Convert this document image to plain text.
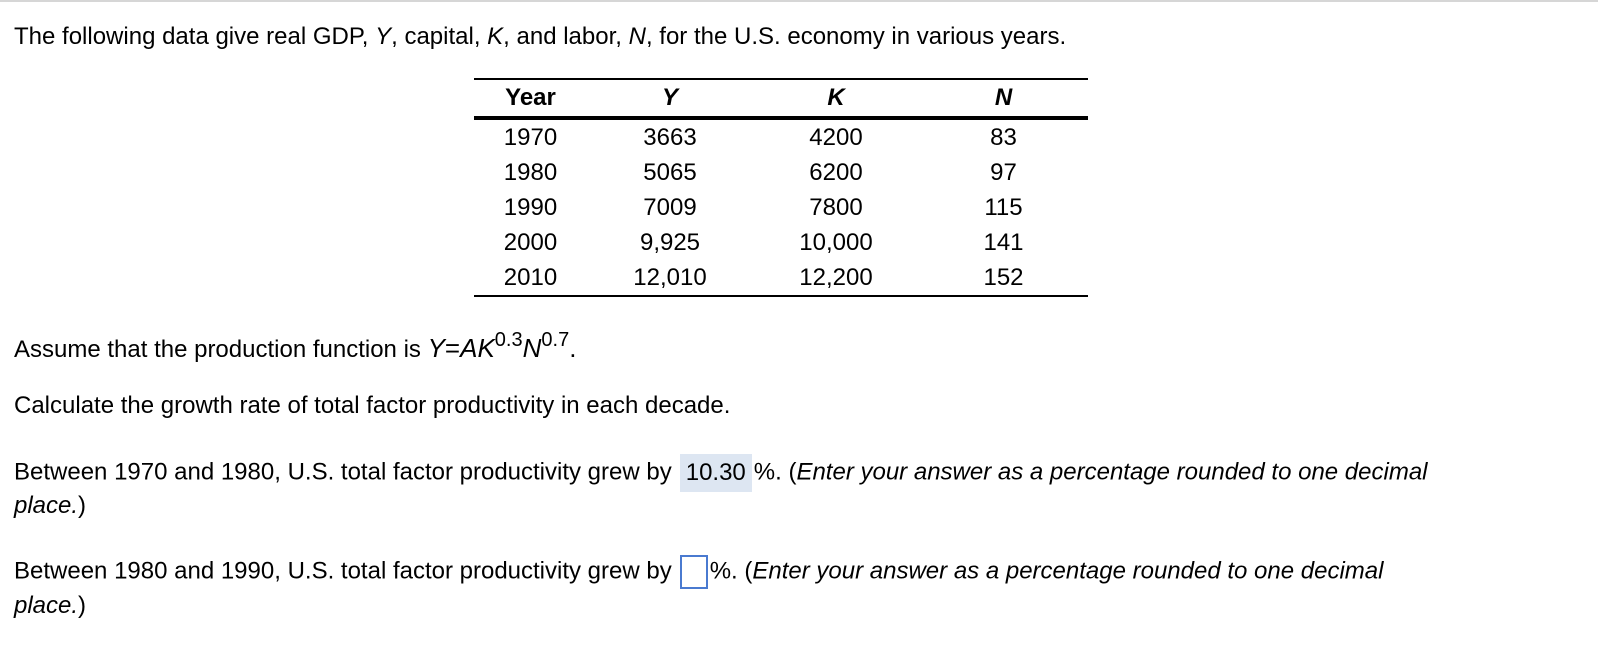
The following data give real GDP, Y, capital, K, and labor, N, for the U.S. economy in various years.
Year	Y	K	N
1970	3663	4200	83
1980	5065	6200	97
1990	7009	7800	115
2000	9,925	10,000	141
2010	12,010	12,200	152
Assume that the production function is $Y=AK^{0.3}N^{0.7}$.
Calculate the growth rate of total factor productivity in each decade.
Between 1970 and 1980, U.S. total factor productivity grew by 10.30 %. (Enter your answer as a percentage rounded to one decimal
place.)
Between 1980 and 1990, U.S. total factor productivity grew by %. (Enter your answer as a percentage rounded to one decimal
place.)
